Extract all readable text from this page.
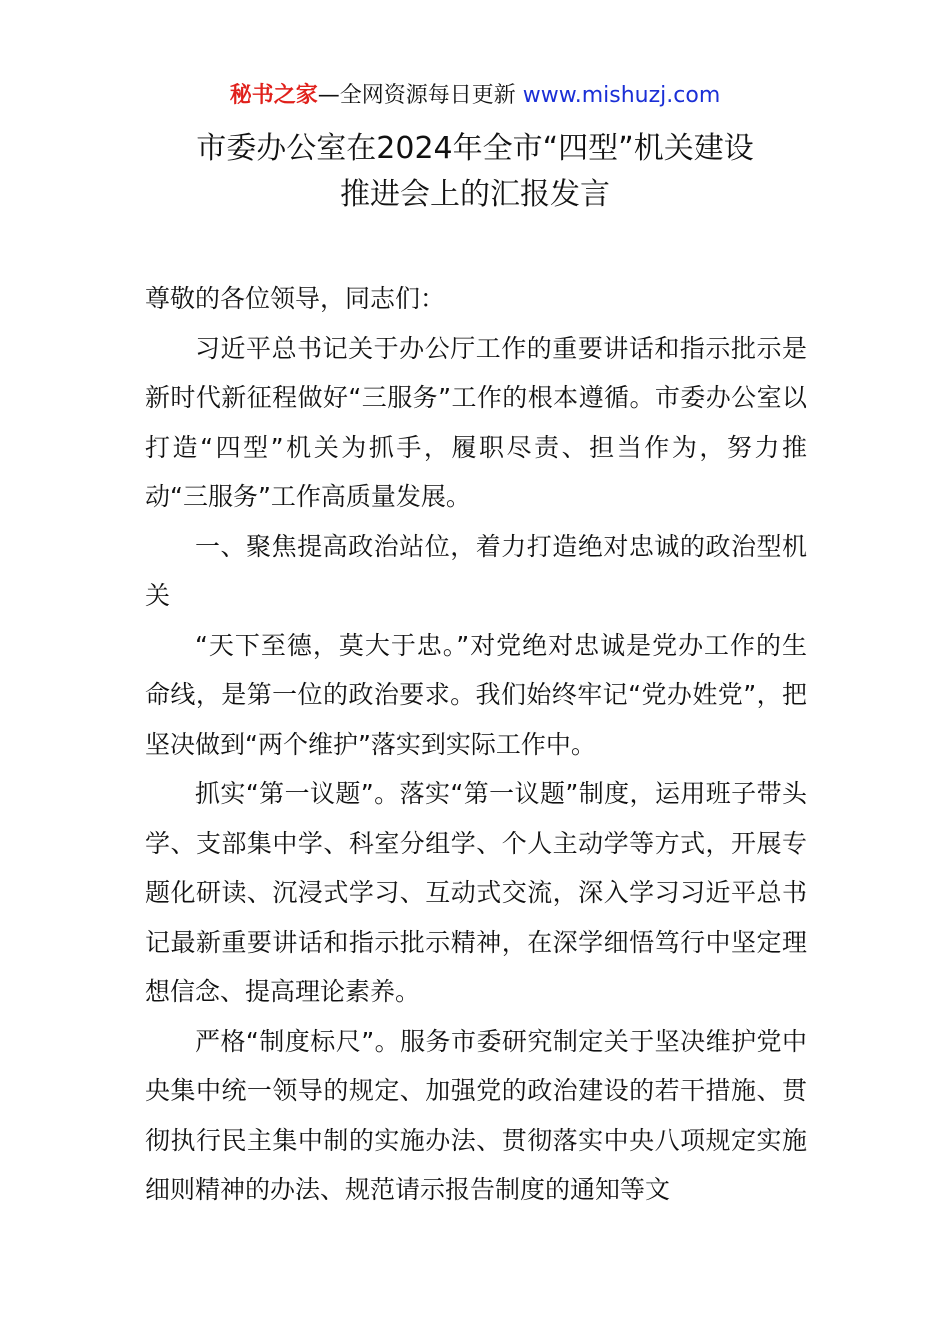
秘书之家—全网资源每日更新 www.mishuzj.com
市委办公室在2024年全市“四型”机关建设
推进会上的汇报发言

尊敬的各位领导，同志们：

习近平总书记关于办公厅工作的重要讲话和指示批示是新时代新征程做好“三服务”工作的根本遵循。市委办公室以打造“四型”机关为抓手，履职尽责、担当作为，努力推动“三服务”工作高质量发展。

一、聚焦提高政治站位，着力打造绝对忠诚的政治型机关

“天下至德，莫大于忠。”对党绝对忠诚是党办工作的生命线，是第一位的政治要求。我们始终牢记“党办姓党”，把坚决做到“两个维护”落实到实际工作中。

抓实“第一议题”。落实“第一议题”制度，运用班子带头学、支部集中学、科室分组学、个人主动学等方式，开展专题化研读、沉浸式学习、互动式交流，深入学习习近平总书记最新重要讲话和指示批示精神，在深学细悟笃行中坚定理想信念、提高理论素养。

严格“制度标尺”。服务市委研究制定关于坚决维护党中央集中统一领导的规定、加强党的政治建设的若干措施、贯彻执行民主集中制的实施办法、贯彻落实中央八项规定实施细则精神的办法、规范请示报告制度的通知等文
